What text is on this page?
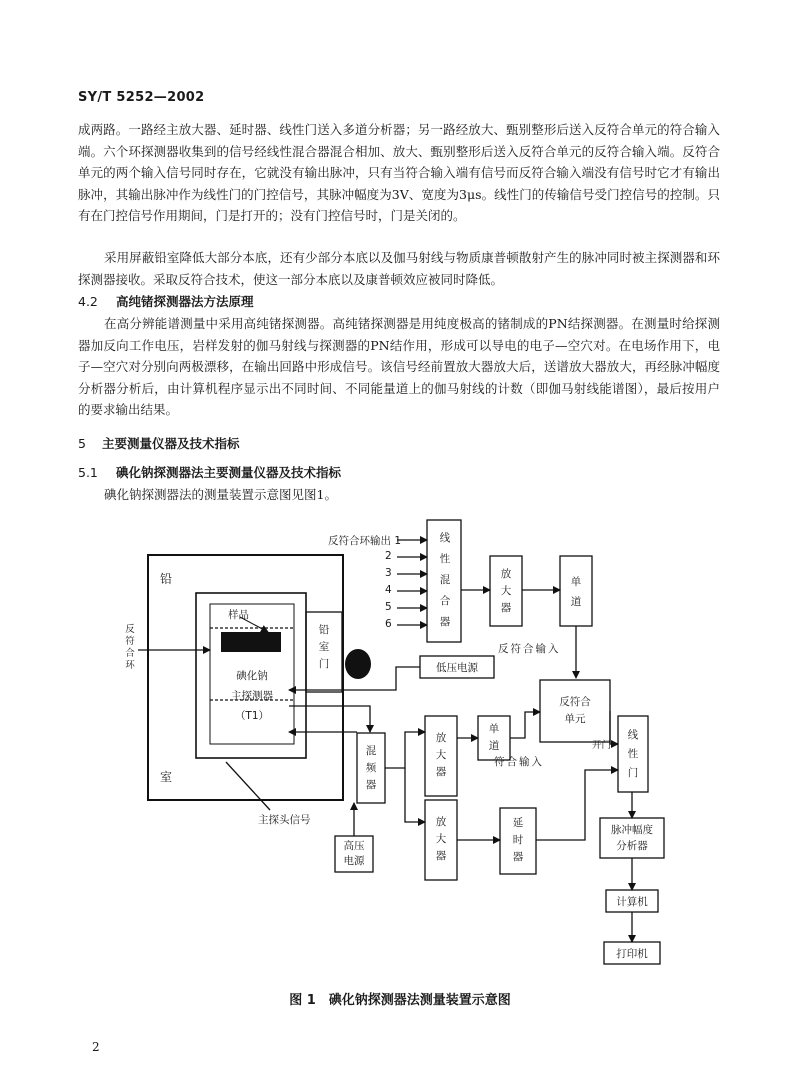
SY/T 5252—2002
成两路。一路经主放大器、延时器、线性门送入多道分析器；另一路经放大、甄别整形后送入反符合单元的符合输入端。六个环探测器收集到的信号经线性混合器混合相加、放大、甄别整形后送入反符合单元的反符合输入端。反符合单元的两个输入信号同时存在，它就没有输出脉冲，只有当符合输入端有信号而反符合输入端没有信号时它才有输出脉冲，其输出脉冲作为线性门的门控信号，其脉冲幅度为3V、宽度为3μs。线性门的传输信号受门控信号的控制。只有在门控信号作用期间，门是打开的；没有门控信号时，门是关闭的。
采用屏蔽铅室降低大部分本底，还有少部分本底以及伽马射线与物质康普顿散射产生的脉冲同时被主探测器和环探测器接收。采取反符合技术，使这一部分本底以及康普顿效应被同时降低。
4.2 高纯锗探测器法方法原理
在高分辨能谱测量中采用高纯锗探测器。高纯锗探测器是用纯度极高的锗制成的PN结探测器。在测量时给探测器加反向工作电压，岩样发射的伽马射线与探测器的PN结作用，形成可以导电的电子—空穴对。在电场作用下，电子—空穴对分别向两极漂移，在输出回路中形成信号。该信号经前置放大器放大后，送谱放大器放大，再经脉冲幅度分析器分析后，由计算机程序显示出不同时间、不同能量道上的伽马射线的计数（即伽马射线能谱图），最后按用户的要求输出结果。
5 主要测量仪器及技术指标
5.1 碘化钠探测器法主要测量仪器及技术指标
碘化钠探测器法的测量装置示意图见图1。
反符合环输出 1
2
3
4
5
6
线
性
混
合
器
放
大
器
单
道
反符合输入
铅
室
样品
碘化钠
主探测器
（T1）
铅
室
门
反
符
合
环	低压电源
反符合
单元
混
频
器
放
大
器
单
道
符合输入
开门
线
性
门
放
大
器
延
时
器
主探头信号
高压
电源
脉冲幅度
分析器
计算机
打印机
图 1　碘化钠探测器法测量装置示意图
2
